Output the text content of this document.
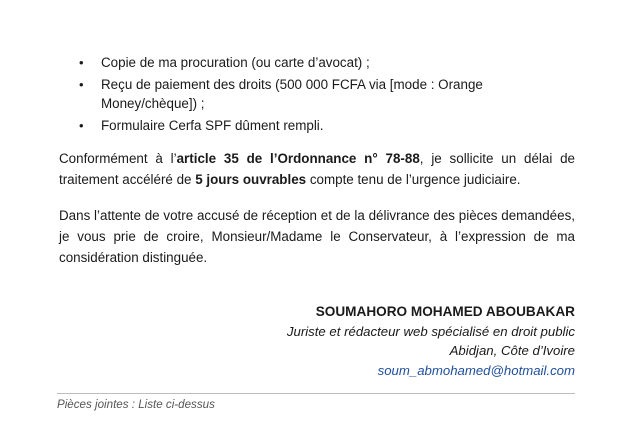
• Copie de ma procuration (ou carte d’avocat) ;
• Reçu de paiement des droits (500 000 FCFA via [mode : Orange Money/chèque]) ;
• Formulaire Cerfa SPF dûment rempli.

Conformément à l’article 35 de l’Ordonnance n° 78-88, je sollicite un délai de traitement accéléré de 5 jours ouvrables compte tenu de l’urgence judiciaire.

Dans l’attente de votre accusé de réception et de la délivrance des pièces demandées, je vous prie de croire, Monsieur/Madame le Conservateur, à l’expression de ma considération distinguée.

SOUMAHORO MOHAMED ABOUBAKAR
Juriste et rédacteur web spécialisé en droit public
Abidjan, Côte d’Ivoire
soum_abmohamed@hotmail.com
Pièces jointes : Liste ci-dessus
